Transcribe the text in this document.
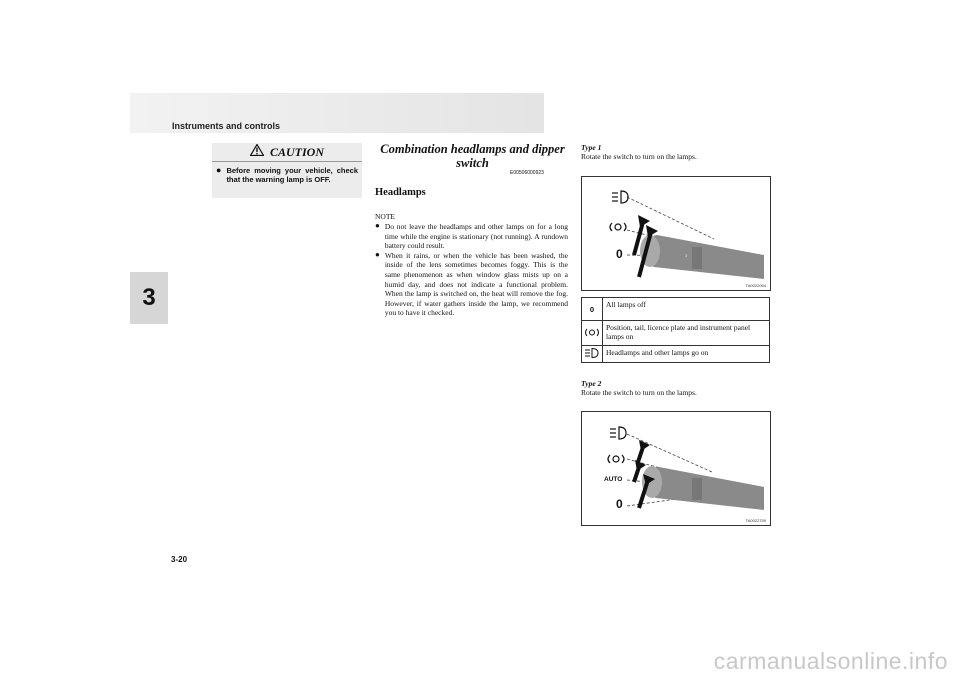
Instruments and controls
3
3-20
carmanualsonline.info
CAUTION
● Before moving your vehicle, check that the warning lamp is OFF.
Combination headlamps and dipper switch
E00506000923
Headlamps
NOTE
● Do not leave the headlamps and other lamps on for a long time while the engine is stationary (not running). A rundown battery could result.
● When it rains, or when the vehicle has been washed, the inside of the lens sometimes becomes foggy. This is the same phenomenon as when window glass mists up on a humid day, and does not indicate a functional problem. When the lamp is switched on, the heat will remove the fog. However, if water gathers inside the lamp, we recommend you to have it checked.
Type 1
Rotate the switch to turn on the lamps.
ↄ
0
TA0022094
0	All lamps off
	Position, tail, licence plate and instrument panel lamps on
	Headlamps and other lamps go on
Type 2
Rotate the switch to turn on the lamps.
AUTO
0
TA0022759
